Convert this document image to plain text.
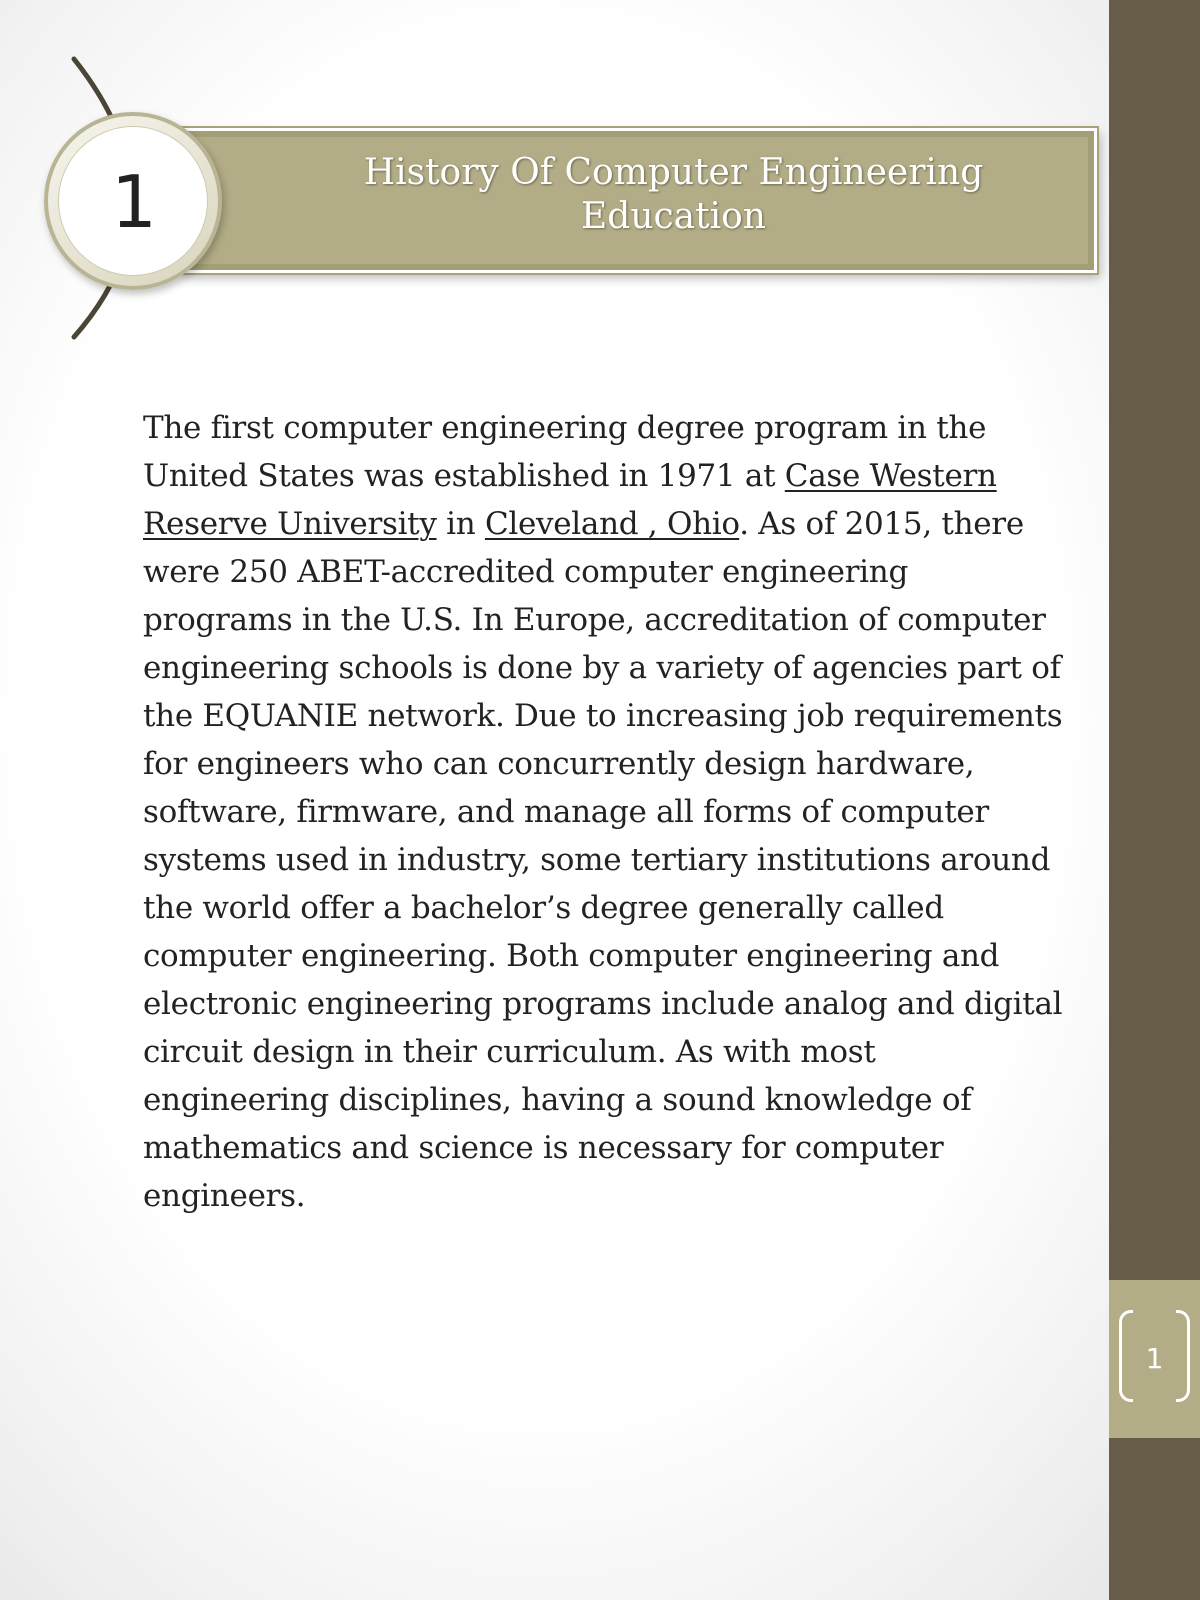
History Of Computer Engineering Education
1

The first computer engineering degree program in the United States was established in 1971 at Case Western Reserve University in Cleveland , Ohio. As of 2015, there were 250 ABET-accredited computer engineering programs in the U.S. In Europe, accreditation of computer engineering schools is done by a variety of agencies part of the EQUANIE network. Due to increasing job requirements for engineers who can concurrently design hardware, software, firmware, and manage all forms of computer systems used in industry, some tertiary institutions around the world offer a bachelor’s degree generally called computer engineering. Both computer engineering and electronic engineering programs include analog and digital circuit design in their curriculum. As with most engineering disciplines, having a sound knowledge of mathematics and science is necessary for computer engineers.

1
